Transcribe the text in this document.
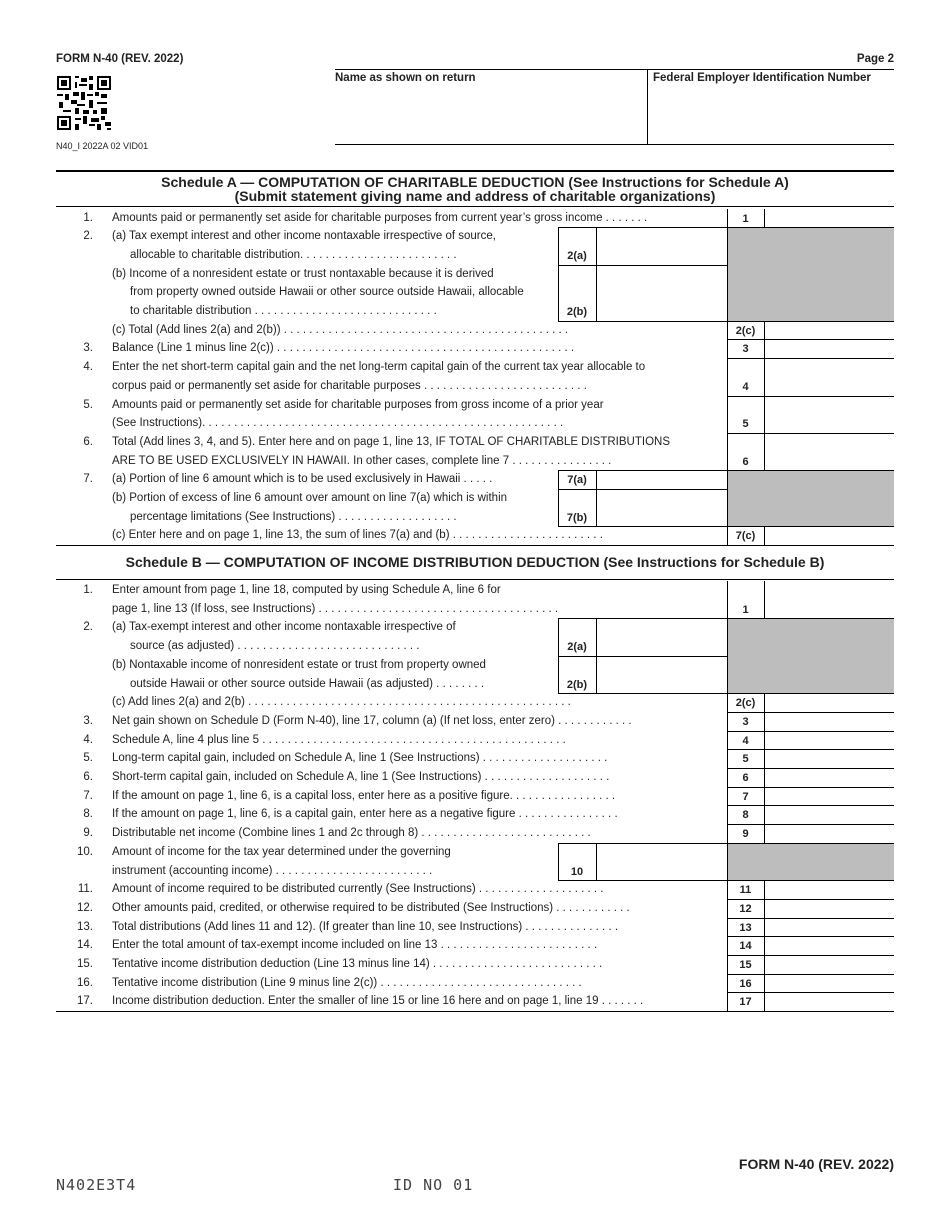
FORM N-40 (REV. 2022)	Page 2
N40_I 2022A 02 VID01
Name as shown on return	Federal Employer Identification Number
Schedule A — COMPUTATION OF CHARITABLE DEDUCTION (See Instructions for Schedule A)
(Submit statement giving name and address of charitable organizations)
1. Amounts paid or permanently set aside for charitable purposes from current year’s gross income . . . . . . .	1
2. (a) Tax exempt interest and other income nontaxable irrespective of source,
allocable to charitable distribution. . . . . . . . . . . . . . . . . . . . . . . . .	2(a)
(b) Income of a nonresident estate or trust nontaxable because it is derived
from property owned outside Hawaii or other source outside Hawaii, allocable
to charitable distribution . . . . . . . . . . . . . . . . . . . . . . . . . . . . .	2(b)
(c) Total (Add lines 2(a) and 2(b)) . . . . . . . . . . . . . . . . . . . . . . . . . . . . . . . . . . . . . . . . . . . . .	2(c)
3. Balance (Line 1 minus line 2(c)) . . . . . . . . . . . . . . . . . . . . . . . . . . . . . . . . . . . . . . . . . . . . . . .	3
4. Enter the net short-term capital gain and the net long-term capital gain of the current tax year allocable to
corpus paid or permanently set aside for charitable purposes . . . . . . . . . . . . . . . . . . . . . . . . . .	4
5. Amounts paid or permanently set aside for charitable purposes from gross income of a prior year
(See Instructions). . . . . . . . . . . . . . . . . . . . . . . . . . . . . . . . . . . . . . . . . . . . . . . . . . . . . . . . .	5
6. Total (Add lines 3, 4, and 5). Enter here and on page 1, line 13, IF TOTAL OF CHARITABLE DISTRIBUTIONS
ARE TO BE USED EXCLUSIVELY IN HAWAII. In other cases, complete line 7 . . . . . . . . . . . . . . . .	6
7. (a) Portion of line 6 amount which is to be used exclusively in Hawaii . . . . .	7(a)
(b) Portion of excess of line 6 amount over amount on line 7(a) which is within
percentage limitations (See Instructions) . . . . . . . . . . . . . . . . . . .	7(b)
(c) Enter here and on page 1, line 13, the sum of lines 7(a) and (b) . . . . . . . . . . . . . . . . . . . . . . . .	7(c)
Schedule B — COMPUTATION OF INCOME DISTRIBUTION DEDUCTION (See Instructions for Schedule B)
1. Enter amount from page 1, line 18, computed by using Schedule A, line 6 for
page 1, line 13 (If loss, see Instructions) . . . . . . . . . . . . . . . . . . . . . . . . . . . . . . . . . . . . . .	1
2. (a) Tax-exempt interest and other income nontaxable irrespective of
source (as adjusted) . . . . . . . . . . . . . . . . . . . . . . . . . . . . .	2(a)
(b) Nontaxable income of nonresident estate or trust from property owned
outside Hawaii or other source outside Hawaii (as adjusted) . . . . . . . .	2(b)
(c) Add lines 2(a) and 2(b) . . . . . . . . . . . . . . . . . . . . . . . . . . . . . . . . . . . . . . . . . . . . . . . . . . .	2(c)
3. Net gain shown on Schedule D (Form N-40), line 17, column (a) (If net loss, enter zero) . . . . . . . . . . . .	3
4. Schedule A, line 4 plus line 5 . . . . . . . . . . . . . . . . . . . . . . . . . . . . . . . . . . . . . . . . . . . . . . . .	4
5. Long-term capital gain, included on Schedule A, line 1 (See Instructions) . . . . . . . . . . . . . . . . . . . .	5
6. Short-term capital gain, included on Schedule A, line 1 (See Instructions) . . . . . . . . . . . . . . . . . . . .	6
7. If the amount on page 1, line 6, is a capital loss, enter here as a positive figure. . . . . . . . . . . . . . . . .	7
8. If the amount on page 1, line 6, is a capital gain, enter here as a negative figure . . . . . . . . . . . . . . . .	8
9. Distributable net income (Combine lines 1 and 2c through 8) . . . . . . . . . . . . . . . . . . . . . . . . . . .	9
10. Amount of income for the tax year determined under the governing
instrument (accounting income) . . . . . . . . . . . . . . . . . . . . . . . . .	10
11. Amount of income required to be distributed currently (See Instructions) . . . . . . . . . . . . . . . . . . . .	11
12. Other amounts paid, credited, or otherwise required to be distributed (See Instructions) . . . . . . . . . . . .	12
13. Total distributions (Add lines 11 and 12). (If greater than line 10, see Instructions) . . . . . . . . . . . . . . .	13
14. Enter the total amount of tax-exempt income included on line 13 . . . . . . . . . . . . . . . . . . . . . . . . .	14
15. Tentative income distribution deduction (Line 13 minus line 14) . . . . . . . . . . . . . . . . . . . . . . . . . . .	15
16. Tentative income distribution (Line 9 minus line 2(c)) . . . . . . . . . . . . . . . . . . . . . . . . . . . . . . . .	16
17. Income distribution deduction. Enter the smaller of line 15 or line 16 here and on page 1, line 19 . . . . . . .	17
FORM N-40 (REV. 2022)
N402E3T4	ID NO 01
